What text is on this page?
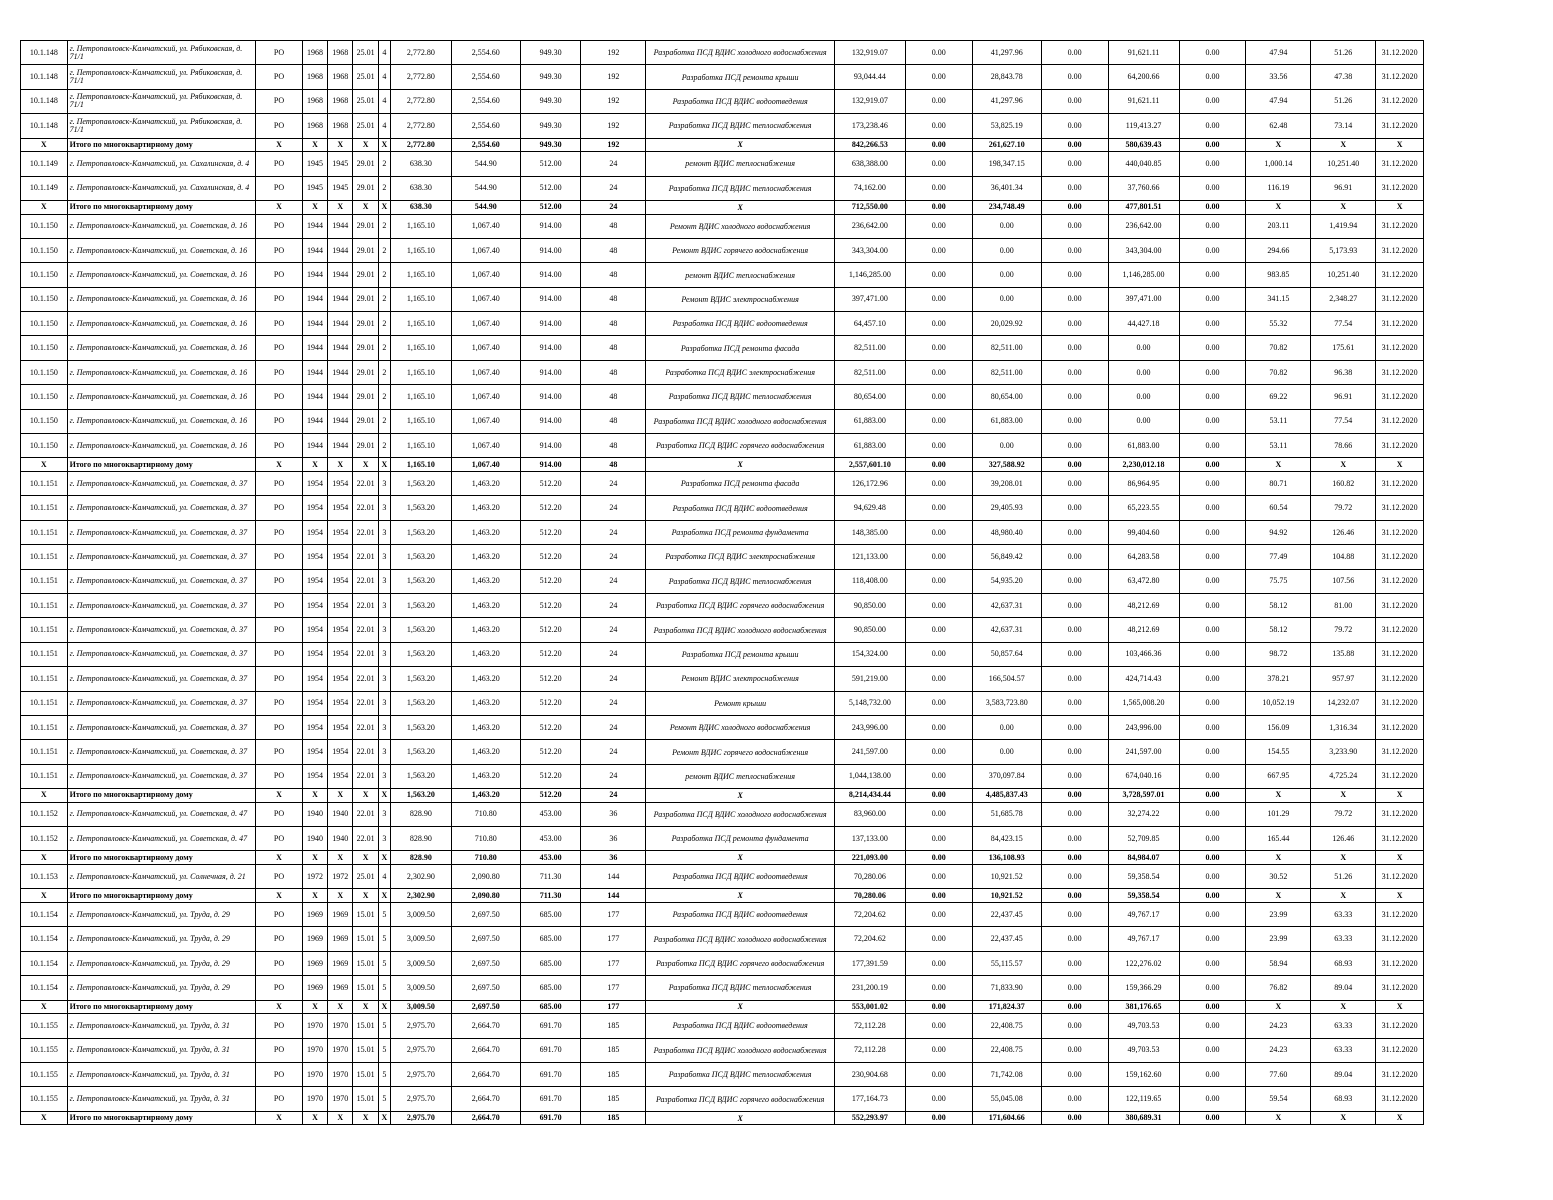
10.1.148	г. Петропавловск-Камчатский, ул. Рябиковская, д. 71/1	РО	1968	1968	25.01	4	2,772.80	2,554.60	949.30	192	Разработка ПСД ВДИС холодного водоснабжения	132,919.07	0.00	41,297.96	0.00	91,621.11	0.00	47.94	51.26	31.12.2020
10.1.148	г. Петропавловск-Камчатский, ул. Рябиковская, д. 71/1	РО	1968	1968	25.01	4	2,772.80	2,554.60	949.30	192	Разработка ПСД ремонта крыши	93,044.44	0.00	28,843.78	0.00	64,200.66	0.00	33.56	47.38	31.12.2020
10.1.148	г. Петропавловск-Камчатский, ул. Рябиковская, д. 71/1	РО	1968	1968	25.01	4	2,772.80	2,554.60	949.30	192	Разработка ПСД ВДИС водоотведения	132,919.07	0.00	41,297.96	0.00	91,621.11	0.00	47.94	51.26	31.12.2020
10.1.148	г. Петропавловск-Камчатский, ул. Рябиковская, д. 71/1	РО	1968	1968	25.01	4	2,772.80	2,554.60	949.30	192	Разработка ПСД ВДИС теплоснабжения	173,238.46	0.00	53,825.19	0.00	119,413.27	0.00	62.48	73.14	31.12.2020
X	Итого по многоквартирному дому	X	X	X	X	X	2,772.80	2,554.60	949.30	192	X	842,266.53	0.00	261,627.10	0.00	580,639.43	0.00	X	X	X
10.1.149	г. Петропавловск-Камчатский, ул. Сахалинская, д. 4	РО	1945	1945	29.01	2	638.30	544.90	512.00	24	ремонт ВДИС теплоснабжения	638,388.00	0.00	198,347.15	0.00	440,040.85	0.00	1,000.14	10,251.40	31.12.2020
10.1.149	г. Петропавловск-Камчатский, ул. Сахалинская, д. 4	РО	1945	1945	29.01	2	638.30	544.90	512.00	24	Разработка ПСД ВДИС теплоснабжения	74,162.00	0.00	36,401.34	0.00	37,760.66	0.00	116.19	96.91	31.12.2020
X	Итого по многоквартирному дому	X	X	X	X	X	638.30	544.90	512.00	24	X	712,550.00	0.00	234,748.49	0.00	477,801.51	0.00	X	X	X
10.1.150	г. Петропавловск-Камчатский, ул. Советская, д. 16	РО	1944	1944	29.01	2	1,165.10	1,067.40	914.00	48	Ремонт ВДИС холодного водоснабжения	236,642.00	0.00	0.00	0.00	236,642.00	0.00	203.11	1,419.94	31.12.2020
10.1.150	г. Петропавловск-Камчатский, ул. Советская, д. 16	РО	1944	1944	29.01	2	1,165.10	1,067.40	914.00	48	Ремонт ВДИС горячего водоснабжения	343,304.00	0.00	0.00	0.00	343,304.00	0.00	294.66	5,173.93	31.12.2020
10.1.150	г. Петропавловск-Камчатский, ул. Советская, д. 16	РО	1944	1944	29.01	2	1,165.10	1,067.40	914.00	48	ремонт ВДИС теплоснабжения	1,146,285.00	0.00	0.00	0.00	1,146,285.00	0.00	983.85	10,251.40	31.12.2020
10.1.150	г. Петропавловск-Камчатский, ул. Советская, д. 16	РО	1944	1944	29.01	2	1,165.10	1,067.40	914.00	48	Ремонт ВДИС электроснабжения	397,471.00	0.00	0.00	0.00	397,471.00	0.00	341.15	2,348.27	31.12.2020
10.1.150	г. Петропавловск-Камчатский, ул. Советская, д. 16	РО	1944	1944	29.01	2	1,165.10	1,067.40	914.00	48	Разработка ПСД ВДИС водоотведения	64,457.10	0.00	20,029.92	0.00	44,427.18	0.00	55.32	77.54	31.12.2020
10.1.150	г. Петропавловск-Камчатский, ул. Советская, д. 16	РО	1944	1944	29.01	2	1,165.10	1,067.40	914.00	48	Разработка ПСД ремонта фасада	82,511.00	0.00	82,511.00	0.00	0.00	0.00	70.82	175.61	31.12.2020
10.1.150	г. Петропавловск-Камчатский, ул. Советская, д. 16	РО	1944	1944	29.01	2	1,165.10	1,067.40	914.00	48	Разработка ПСД ВДИС электроснабжения	82,511.00	0.00	82,511.00	0.00	0.00	0.00	70.82	96.38	31.12.2020
10.1.150	г. Петропавловск-Камчатский, ул. Советская, д. 16	РО	1944	1944	29.01	2	1,165.10	1,067.40	914.00	48	Разработка ПСД ВДИС теплоснабжения	80,654.00	0.00	80,654.00	0.00	0.00	0.00	69.22	96.91	31.12.2020
10.1.150	г. Петропавловск-Камчатский, ул. Советская, д. 16	РО	1944	1944	29.01	2	1,165.10	1,067.40	914.00	48	Разработка ПСД ВДИС холодного водоснабжения	61,883.00	0.00	61,883.00	0.00	0.00	0.00	53.11	77.54	31.12.2020
10.1.150	г. Петропавловск-Камчатский, ул. Советская, д. 16	РО	1944	1944	29.01	2	1,165.10	1,067.40	914.00	48	Разработка ПСД ВДИС горячего водоснабжения	61,883.00	0.00	0.00	0.00	61,883.00	0.00	53.11	78.66	31.12.2020
X	Итого по многоквартирному дому	X	X	X	X	X	1,165.10	1,067.40	914.00	48	X	2,557,601.10	0.00	327,588.92	0.00	2,230,012.18	0.00	X	X	X
10.1.151	г. Петропавловск-Камчатский, ул. Советская, д. 37	РО	1954	1954	22.01	3	1,563.20	1,463.20	512.20	24	Разработка ПСД ремонта фасада	126,172.96	0.00	39,208.01	0.00	86,964.95	0.00	80.71	160.82	31.12.2020
10.1.151	г. Петропавловск-Камчатский, ул. Советская, д. 37	РО	1954	1954	22.01	3	1,563.20	1,463.20	512.20	24	Разработка ПСД ВДИС водоотведения	94,629.48	0.00	29,405.93	0.00	65,223.55	0.00	60.54	79.72	31.12.2020
10.1.151	г. Петропавловск-Камчатский, ул. Советская, д. 37	РО	1954	1954	22.01	3	1,563.20	1,463.20	512.20	24	Разработка ПСД ремонта фундамента	148,385.00	0.00	48,980.40	0.00	99,404.60	0.00	94.92	126.46	31.12.2020
10.1.151	г. Петропавловск-Камчатский, ул. Советская, д. 37	РО	1954	1954	22.01	3	1,563.20	1,463.20	512.20	24	Разработка ПСД ВДИС электроснабжения	121,133.00	0.00	56,849.42	0.00	64,283.58	0.00	77.49	104.88	31.12.2020
10.1.151	г. Петропавловск-Камчатский, ул. Советская, д. 37	РО	1954	1954	22.01	3	1,563.20	1,463.20	512.20	24	Разработка ПСД ВДИС теплоснабжения	118,408.00	0.00	54,935.20	0.00	63,472.80	0.00	75.75	107.56	31.12.2020
10.1.151	г. Петропавловск-Камчатский, ул. Советская, д. 37	РО	1954	1954	22.01	3	1,563.20	1,463.20	512.20	24	Разработка ПСД ВДИС горячего водоснабжения	90,850.00	0.00	42,637.31	0.00	48,212.69	0.00	58.12	81.00	31.12.2020
10.1.151	г. Петропавловск-Камчатский, ул. Советская, д. 37	РО	1954	1954	22.01	3	1,563.20	1,463.20	512.20	24	Разработка ПСД ВДИС холодного водоснабжения	90,850.00	0.00	42,637.31	0.00	48,212.69	0.00	58.12	79.72	31.12.2020
10.1.151	г. Петропавловск-Камчатский, ул. Советская, д. 37	РО	1954	1954	22.01	3	1,563.20	1,463.20	512.20	24	Разработка ПСД ремонта крыши	154,324.00	0.00	50,857.64	0.00	103,466.36	0.00	98.72	135.88	31.12.2020
10.1.151	г. Петропавловск-Камчатский, ул. Советская, д. 37	РО	1954	1954	22.01	3	1,563.20	1,463.20	512.20	24	Ремонт ВДИС электроснабжения	591,219.00	0.00	166,504.57	0.00	424,714.43	0.00	378.21	957.97	31.12.2020
10.1.151	г. Петропавловск-Камчатский, ул. Советская, д. 37	РО	1954	1954	22.01	3	1,563.20	1,463.20	512.20	24	Ремонт крыши	5,148,732.00	0.00	3,583,723.80	0.00	1,565,008.20	0.00	10,052.19	14,232.07	31.12.2020
10.1.151	г. Петропавловск-Камчатский, ул. Советская, д. 37	РО	1954	1954	22.01	3	1,563.20	1,463.20	512.20	24	Ремонт ВДИС холодного водоснабжения	243,996.00	0.00	0.00	0.00	243,996.00	0.00	156.09	1,316.34	31.12.2020
10.1.151	г. Петропавловск-Камчатский, ул. Советская, д. 37	РО	1954	1954	22.01	3	1,563.20	1,463.20	512.20	24	Ремонт ВДИС горячего водоснабжения	241,597.00	0.00	0.00	0.00	241,597.00	0.00	154.55	3,233.90	31.12.2020
10.1.151	г. Петропавловск-Камчатский, ул. Советская, д. 37	РО	1954	1954	22.01	3	1,563.20	1,463.20	512.20	24	ремонт ВДИС теплоснабжения	1,044,138.00	0.00	370,097.84	0.00	674,040.16	0.00	667.95	4,725.24	31.12.2020
X	Итого по многоквартирному дому	X	X	X	X	X	1,563.20	1,463.20	512.20	24	X	8,214,434.44	0.00	4,485,837.43	0.00	3,728,597.01	0.00	X	X	X
10.1.152	г. Петропавловск-Камчатский, ул. Советская, д. 47	РО	1940	1940	22.01	3	828.90	710.80	453.00	36	Разработка ПСД ВДИС холодного водоснабжения	83,960.00	0.00	51,685.78	0.00	32,274.22	0.00	101.29	79.72	31.12.2020
10.1.152	г. Петропавловск-Камчатский, ул. Советская, д. 47	РО	1940	1940	22.01	3	828.90	710.80	453.00	36	Разработка ПСД ремонта фундамента	137,133.00	0.00	84,423.15	0.00	52,709.85	0.00	165.44	126.46	31.12.2020
X	Итого по многоквартирному дому	X	X	X	X	X	828.90	710.80	453.00	36	X	221,093.00	0.00	136,108.93	0.00	84,984.07	0.00	X	X	X
10.1.153	г. Петропавловск-Камчатский, ул. Солнечная, д. 21	РО	1972	1972	25.01	4	2,302.90	2,090.80	711.30	144	Разработка ПСД ВДИС водоотведения	70,280.06	0.00	10,921.52	0.00	59,358.54	0.00	30.52	51.26	31.12.2020
X	Итого по многоквартирному дому	X	X	X	X	X	2,302.90	2,090.80	711.30	144	X	70,280.06	0.00	10,921.52	0.00	59,358.54	0.00	X	X	X
10.1.154	г. Петропавловск-Камчатский, ул. Труда, д. 29	РО	1969	1969	15.01	5	3,009.50	2,697.50	685.00	177	Разработка ПСД ВДИС водоотведения	72,204.62	0.00	22,437.45	0.00	49,767.17	0.00	23.99	63.33	31.12.2020
10.1.154	г. Петропавловск-Камчатский, ул. Труда, д. 29	РО	1969	1969	15.01	5	3,009.50	2,697.50	685.00	177	Разработка ПСД ВДИС холодного водоснабжения	72,204.62	0.00	22,437.45	0.00	49,767.17	0.00	23.99	63.33	31.12.2020
10.1.154	г. Петропавловск-Камчатский, ул. Труда, д. 29	РО	1969	1969	15.01	5	3,009.50	2,697.50	685.00	177	Разработка ПСД ВДИС горячего водоснабжения	177,391.59	0.00	55,115.57	0.00	122,276.02	0.00	58.94	68.93	31.12.2020
10.1.154	г. Петропавловск-Камчатский, ул. Труда, д. 29	РО	1969	1969	15.01	5	3,009.50	2,697.50	685.00	177	Разработка ПСД ВДИС теплоснабжения	231,200.19	0.00	71,833.90	0.00	159,366.29	0.00	76.82	89.04	31.12.2020
X	Итого по многоквартирному дому	X	X	X	X	X	3,009.50	2,697.50	685.00	177	X	553,001.02	0.00	171,824.37	0.00	381,176.65	0.00	X	X	X
10.1.155	г. Петропавловск-Камчатский, ул. Труда, д. 31	РО	1970	1970	15.01	5	2,975.70	2,664.70	691.70	185	Разработка ПСД ВДИС водоотведения	72,112.28	0.00	22,408.75	0.00	49,703.53	0.00	24.23	63.33	31.12.2020
10.1.155	г. Петропавловск-Камчатский, ул. Труда, д. 31	РО	1970	1970	15.01	5	2,975.70	2,664.70	691.70	185	Разработка ПСД ВДИС холодного водоснабжения	72,112.28	0.00	22,408.75	0.00	49,703.53	0.00	24.23	63.33	31.12.2020
10.1.155	г. Петропавловск-Камчатский, ул. Труда, д. 31	РО	1970	1970	15.01	5	2,975.70	2,664.70	691.70	185	Разработка ПСД ВДИС теплоснабжения	230,904.68	0.00	71,742.08	0.00	159,162.60	0.00	77.60	89.04	31.12.2020
10.1.155	г. Петропавловск-Камчатский, ул. Труда, д. 31	РО	1970	1970	15.01	5	2,975.70	2,664.70	691.70	185	Разработка ПСД ВДИС горячего водоснабжения	177,164.73	0.00	55,045.08	0.00	122,119.65	0.00	59.54	68.93	31.12.2020
X	Итого по многоквартирному дому	X	X	X	X	X	2,975.70	2,664.70	691.70	185	X	552,293.97	0.00	171,604.66	0.00	380,689.31	0.00	X	X	X
